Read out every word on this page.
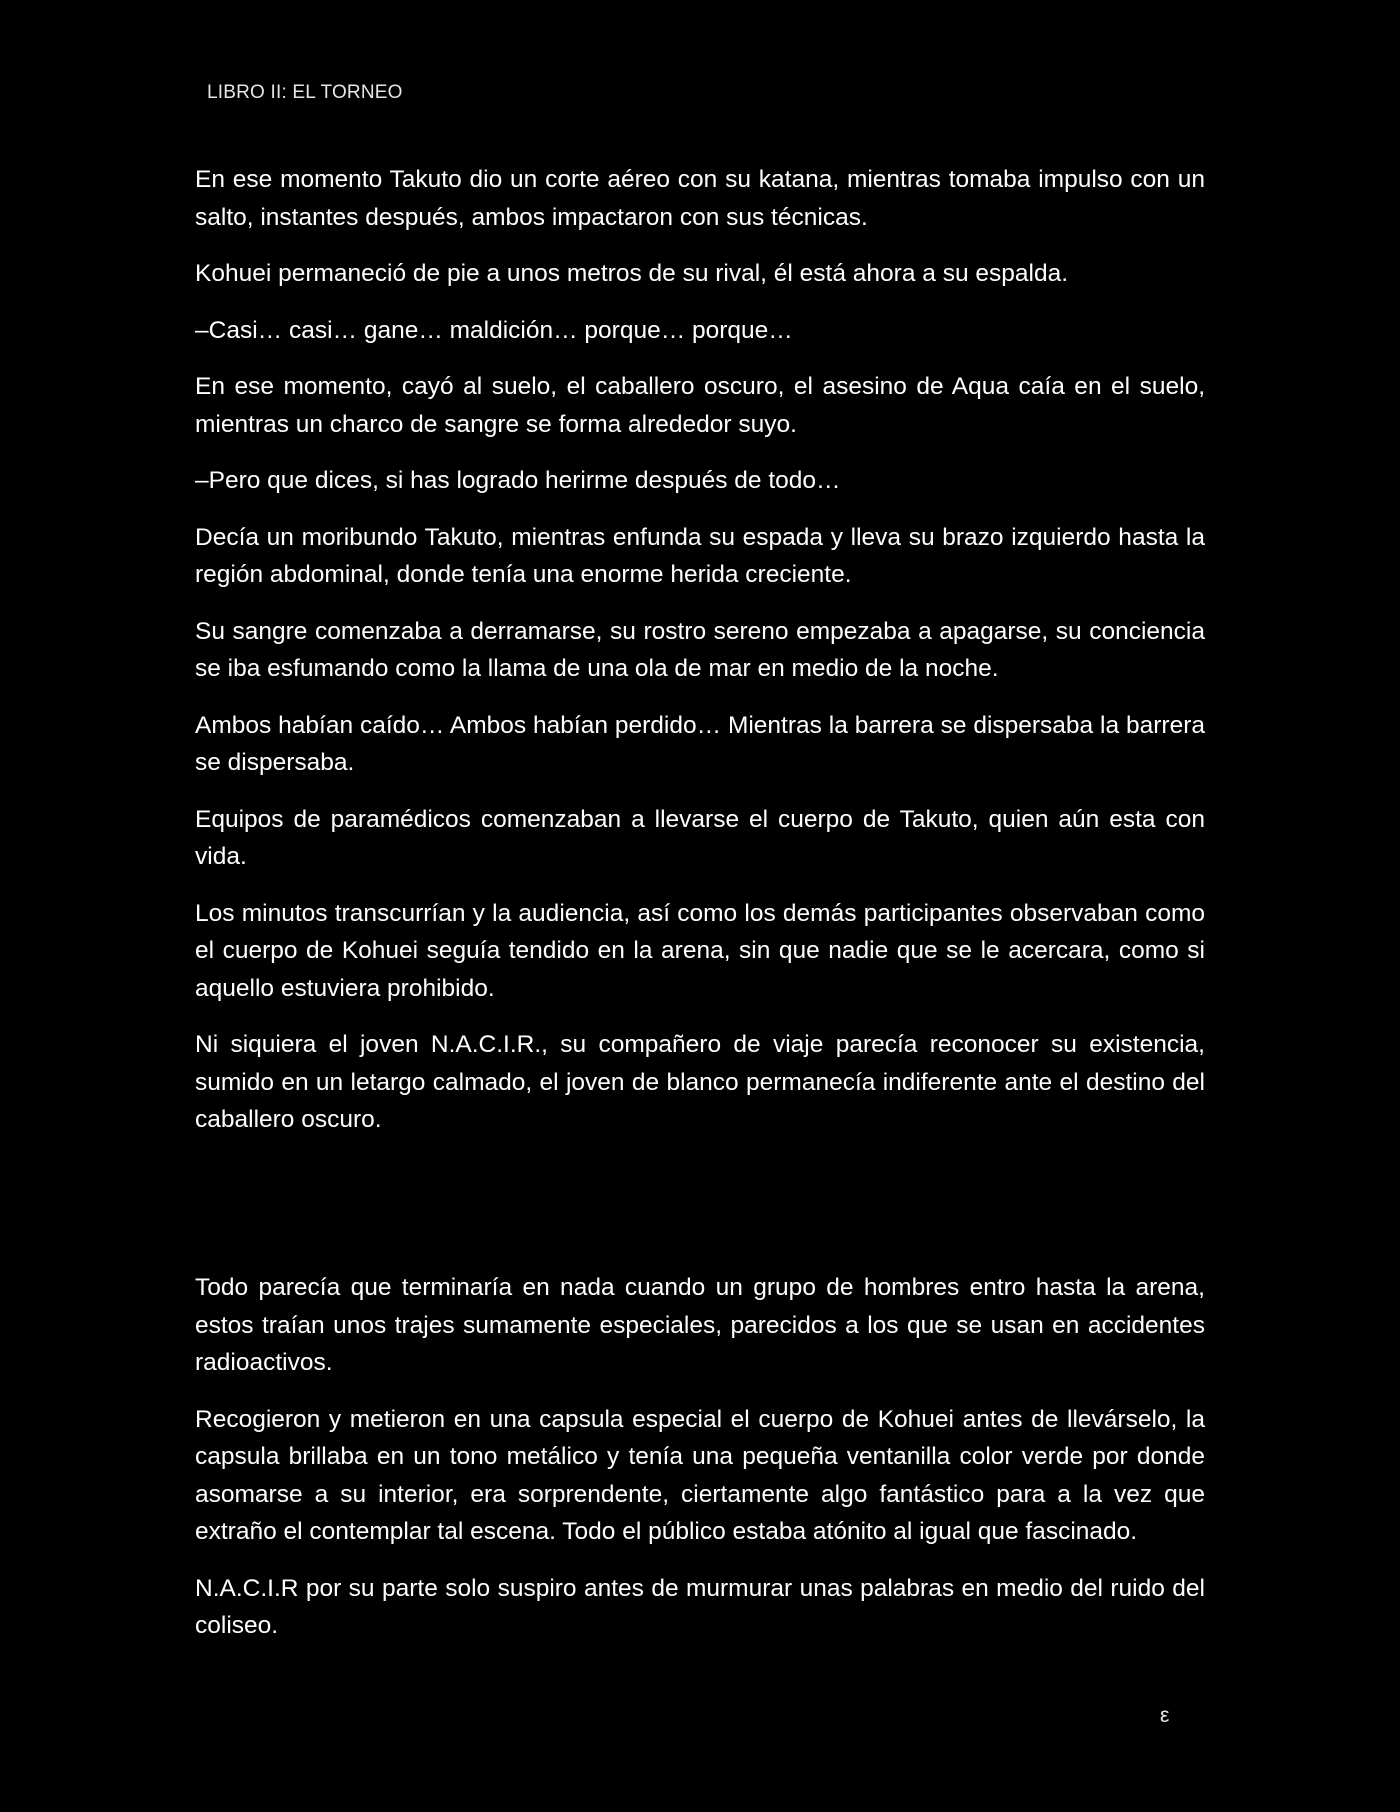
LIBRO II: EL TORNEO

En ese momento Takuto dio un corte aéreo con su katana, mientras tomaba impulso con un salto, instantes después, ambos impactaron con sus técnicas.

Kohuei permaneció de pie a unos metros de su rival, él está ahora a su espalda.

–Casi… casi… gane… maldición… porque… porque…

En ese momento, cayó al suelo, el caballero oscuro, el asesino de Aqua caía en el suelo, mientras un charco de sangre se forma alrededor suyo.

–Pero que dices, si has logrado herirme después de todo…

Decía un moribundo Takuto, mientras enfunda su espada y lleva su brazo izquierdo hasta la región abdominal, donde tenía una enorme herida creciente.

Su sangre comenzaba a derramarse, su rostro sereno empezaba a apagarse, su conciencia se iba esfumando como la llama de una ola de mar en medio de la noche.

Ambos habían caído… Ambos habían perdido… Mientras la barrera se dispersaba la barrera se dispersaba.

Equipos de paramédicos comenzaban a llevarse el cuerpo de Takuto, quien aún esta con vida.

Los minutos transcurrían y la audiencia, así como los demás participantes observaban como el cuerpo de Kohuei seguía tendido en la arena, sin que nadie que se le acercara, como si aquello estuviera prohibido.

Ni siquiera el joven N.A.C.I.R., su compañero de viaje parecía reconocer su existencia, sumido en un letargo calmado, el joven de blanco permanecía indiferente ante el destino del caballero oscuro.

Todo parecía que terminaría en nada cuando un grupo de hombres entro hasta la arena, estos traían unos trajes sumamente especiales, parecidos a los que se usan en accidentes radioactivos.

Recogieron y metieron en una capsula especial el cuerpo de Kohuei antes de llevárselo, la capsula brillaba en un tono metálico y tenía una pequeña ventanilla color verde por donde asomarse a su interior, era sorprendente, ciertamente algo fantástico para a la vez que extraño el contemplar tal escena. Todo el público estaba atónito al igual que fascinado.

N.A.C.I.R por su parte solo suspiro antes de murmurar unas palabras en medio del ruido del coliseo.

ε
